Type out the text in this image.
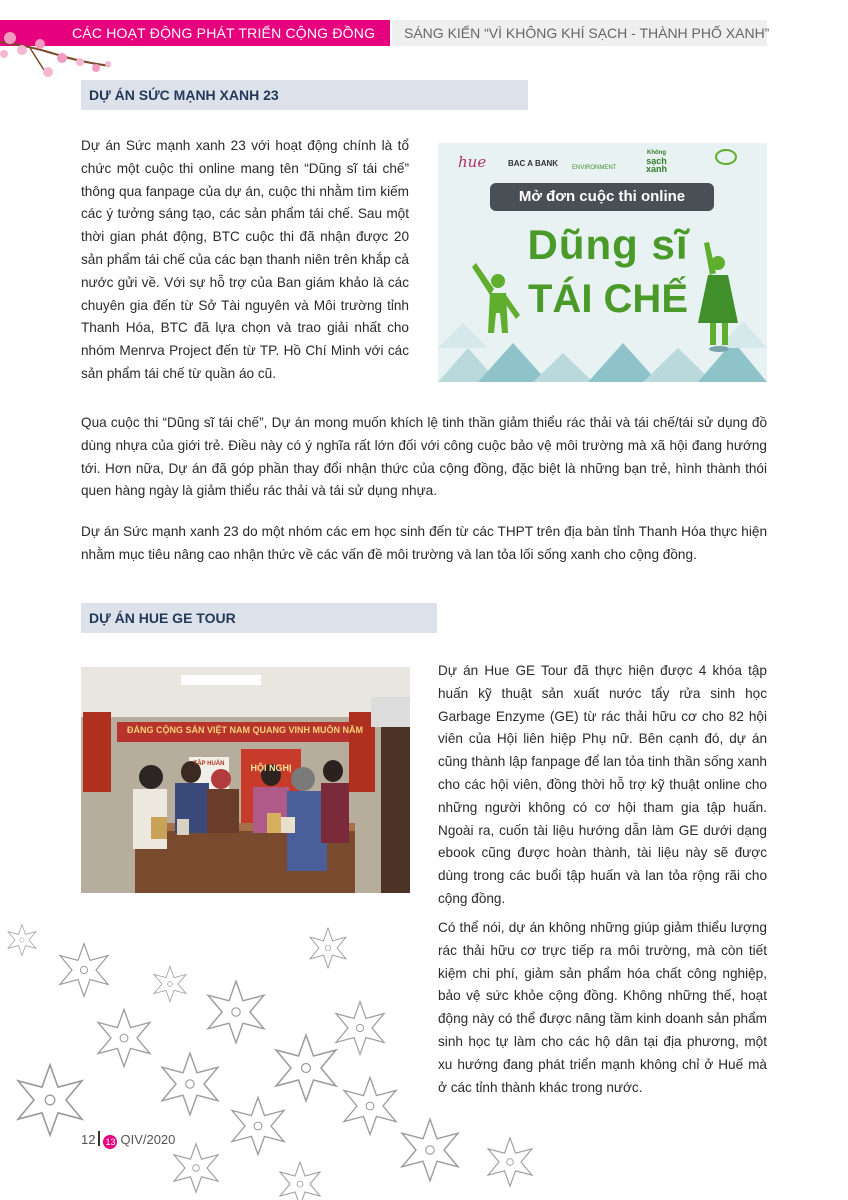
CÁC HOẠT ĐỘNG PHÁT TRIỂN CỘNG ĐỒNG SÁNG KIẾN “VÌ KHÔNG KHÍ SẠCH - THÀNH PHỐ XANH”
DỰ ÁN SỨC MẠNH XANH 23

Dự án Sức mạnh xanh 23 với hoạt động chính là tổ chức một cuộc thi online mang tên “Dũng sĩ tái chế” thông qua fanpage của dự án, cuộc thi nhằm tìm kiếm các ý tưởng sáng tạo, các sản phẩm tái chế. Sau một thời gian phát động, BTC cuộc thi đã nhận được 20 sản phẩm tái chế của các bạn thanh niên trên khắp cả nước gửi về. Với sự hỗ trợ của Ban giám khảo là các chuyên gia đến từ Sở Tài nguyên và Môi trường tỉnh Thanh Hóa, BTC đã lựa chọn và trao giải nhất cho nhóm Menrva Project đến từ TP. Hồ Chí Minh với các sản phẩm tái chế từ quần áo cũ.

hue	BAC A BANK ENVIRONMENT
Không
sạch
xanh
Mở đơn cuộc thi online
Dũng sĩ
TÁI CHẾ

Qua cuộc thi “Dũng sĩ tái chế”, Dự án mong muốn khích lệ tinh thần giảm thiểu rác thải và tái chế/tái sử dụng đồ dùng nhựa của giới trẻ. Điều này có ý nghĩa rất lớn đối với công cuộc bảo vệ môi trường mà xã hội đang hướng tới. Hơn nữa, Dự án đã góp phần thay đổi nhận thức của cộng đồng, đặc biệt là những bạn trẻ, hình thành thói quen hàng ngày là giảm thiểu rác thải và tái sử dụng nhựa.

Dự án Sức mạnh xanh 23 do một nhóm các em học sinh đến từ các THPT trên địa bàn tỉnh Thanh Hóa thực hiện nhằm mục tiêu nâng cao nhận thức về các vấn đề môi trường và lan tỏa lối sống xanh cho cộng đồng.

DỰ ÁN HUE GE TOUR
ĐẢNG CỘNG SẢN VIỆT NAM QUANG VINH MUÔN NĂM
HỘI NGHỊ
TẬP HUẤN

Dự án Hue GE Tour đã thực hiện được 4 khóa tập huấn kỹ thuật sản xuất nước tẩy rửa sinh học Garbage Enzyme (GE) từ rác thải hữu cơ cho 82 hội viên của Hội liên hiệp Phụ nữ. Bên cạnh đó, dự án cũng thành lập fanpage để lan tỏa tinh thần sống xanh cho các hội viên, đồng thời hỗ trợ kỹ thuật online cho những người không có cơ hội tham gia tập huấn. Ngoài ra, cuốn tài liệu hướng dẫn làm GE dưới dạng ebook cũng được hoàn thành, tài liệu này sẽ được dùng trong các buổi tập huấn và lan tỏa rộng rãi cho cộng đồng.

Có thể nói, dự án không những giúp giảm thiểu lượng rác thải hữu cơ trực tiếp ra môi trường, mà còn tiết kiệm chi phí, giảm sản phẩm hóa chất công nghiệp, bảo vệ sức khỏe cộng đồng. Không những thế, hoạt động này có thể được nâng tầm kinh doanh sản phẩm sinh học tự làm cho các hộ dân tại địa phương, một xu hướng đang phát triển mạnh không chỉ ở Huế mà ở các tỉnh thành khác trong nước.

12 13 QIV/2020
